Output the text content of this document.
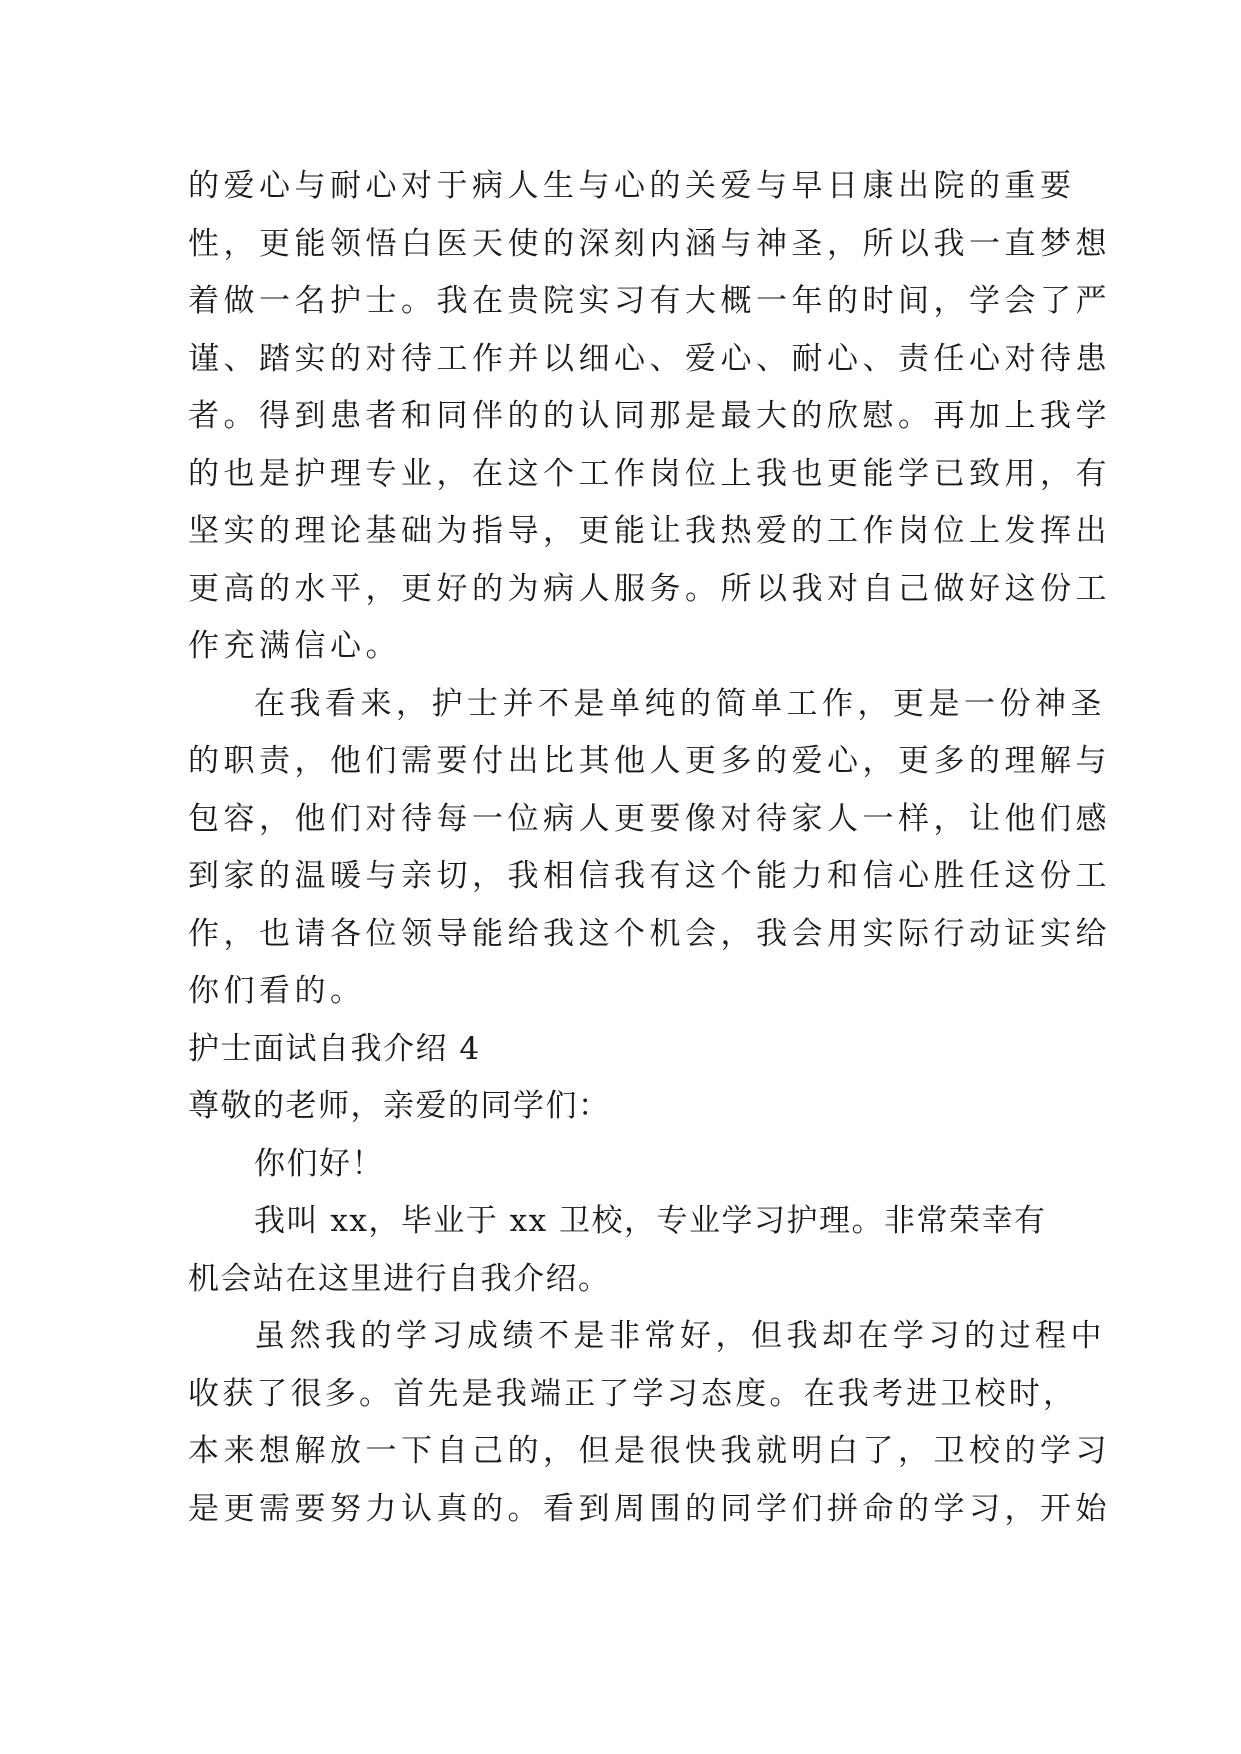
的爱心与耐心对于病人生与心的关爱与早日康出院的重要
性，更能领悟白医天使的深刻内涵与神圣，所以我一直梦想
着做一名护士。我在贵院实习有大概一年的时间，学会了严
谨、踏实的对待工作并以细心、爱心、耐心、责任心对待患
者。得到患者和同伴的的认同那是最大的欣慰。再加上我学
的也是护理专业，在这个工作岗位上我也更能学已致用，有
坚实的理论基础为指导，更能让我热爱的工作岗位上发挥出
更高的水平，更好的为病人服务。所以我对自己做好这份工
作充满信心。
在我看来，护士并不是单纯的简单工作，更是一份神圣
的职责，他们需要付出比其他人更多的爱心，更多的理解与
包容，他们对待每一位病人更要像对待家人一样，让他们感
到家的温暖与亲切，我相信我有这个能力和信心胜任这份工
作，也请各位领导能给我这个机会，我会用实际行动证实给
你们看的。
护士面试自我介绍 4
尊敬的老师，亲爱的同学们：
你们好！
我叫 xx，毕业于 xx 卫校，专业学习护理。非常荣幸有
机会站在这里进行自我介绍。
虽然我的学习成绩不是非常好，但我却在学习的过程中
收获了很多。首先是我端正了学习态度。在我考进卫校时，
本来想解放一下自己的，但是很快我就明白了，卫校的学习
是更需要努力认真的。看到周围的同学们拼命的学习，开始
